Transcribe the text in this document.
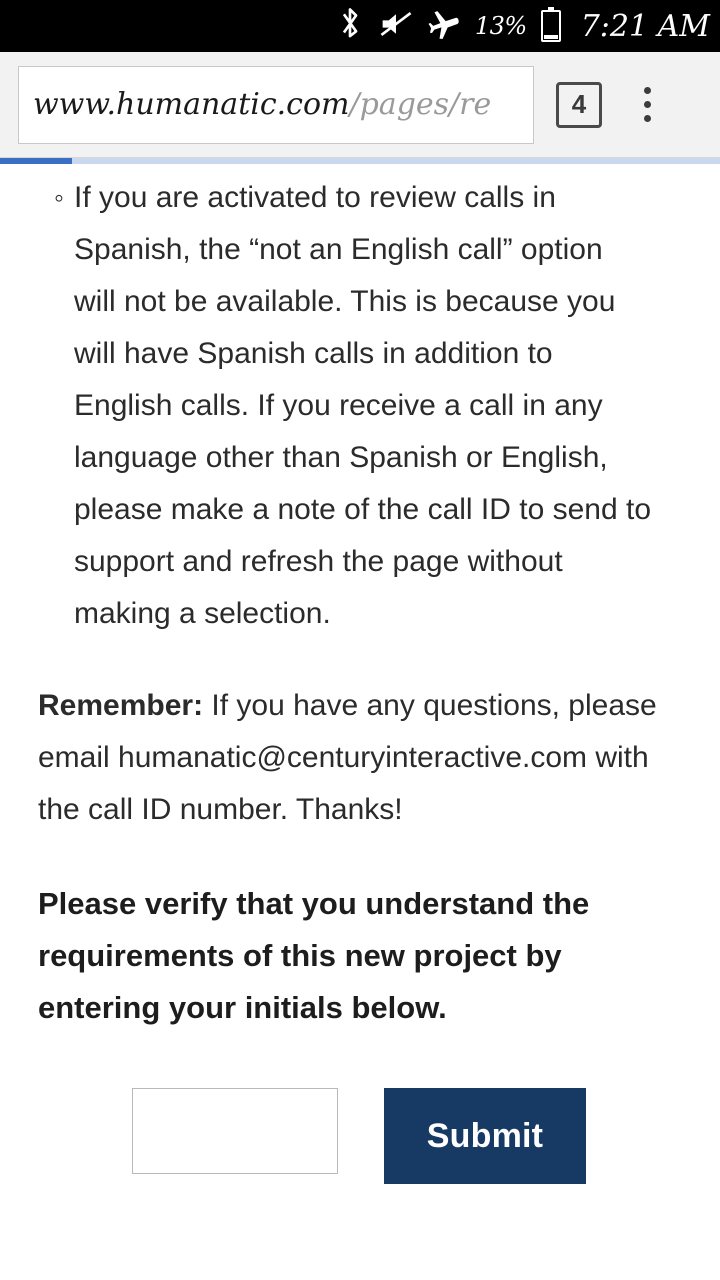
13% 7:21 AM
www.humanatic.com/pages/re	4
◦ If you are activated to review calls in Spanish, the “not an English call” option will not be available. This is because you will have Spanish calls in addition to English calls. If you receive a call in any language other than Spanish or English, please make a note of the call ID to send to support and refresh the page without making a selection.

Remember: If you have any questions, please email humanatic@centuryinteractive.com with the call ID number. Thanks!

Please verify that you understand the requirements of this new project by entering your initials below.

Submit
